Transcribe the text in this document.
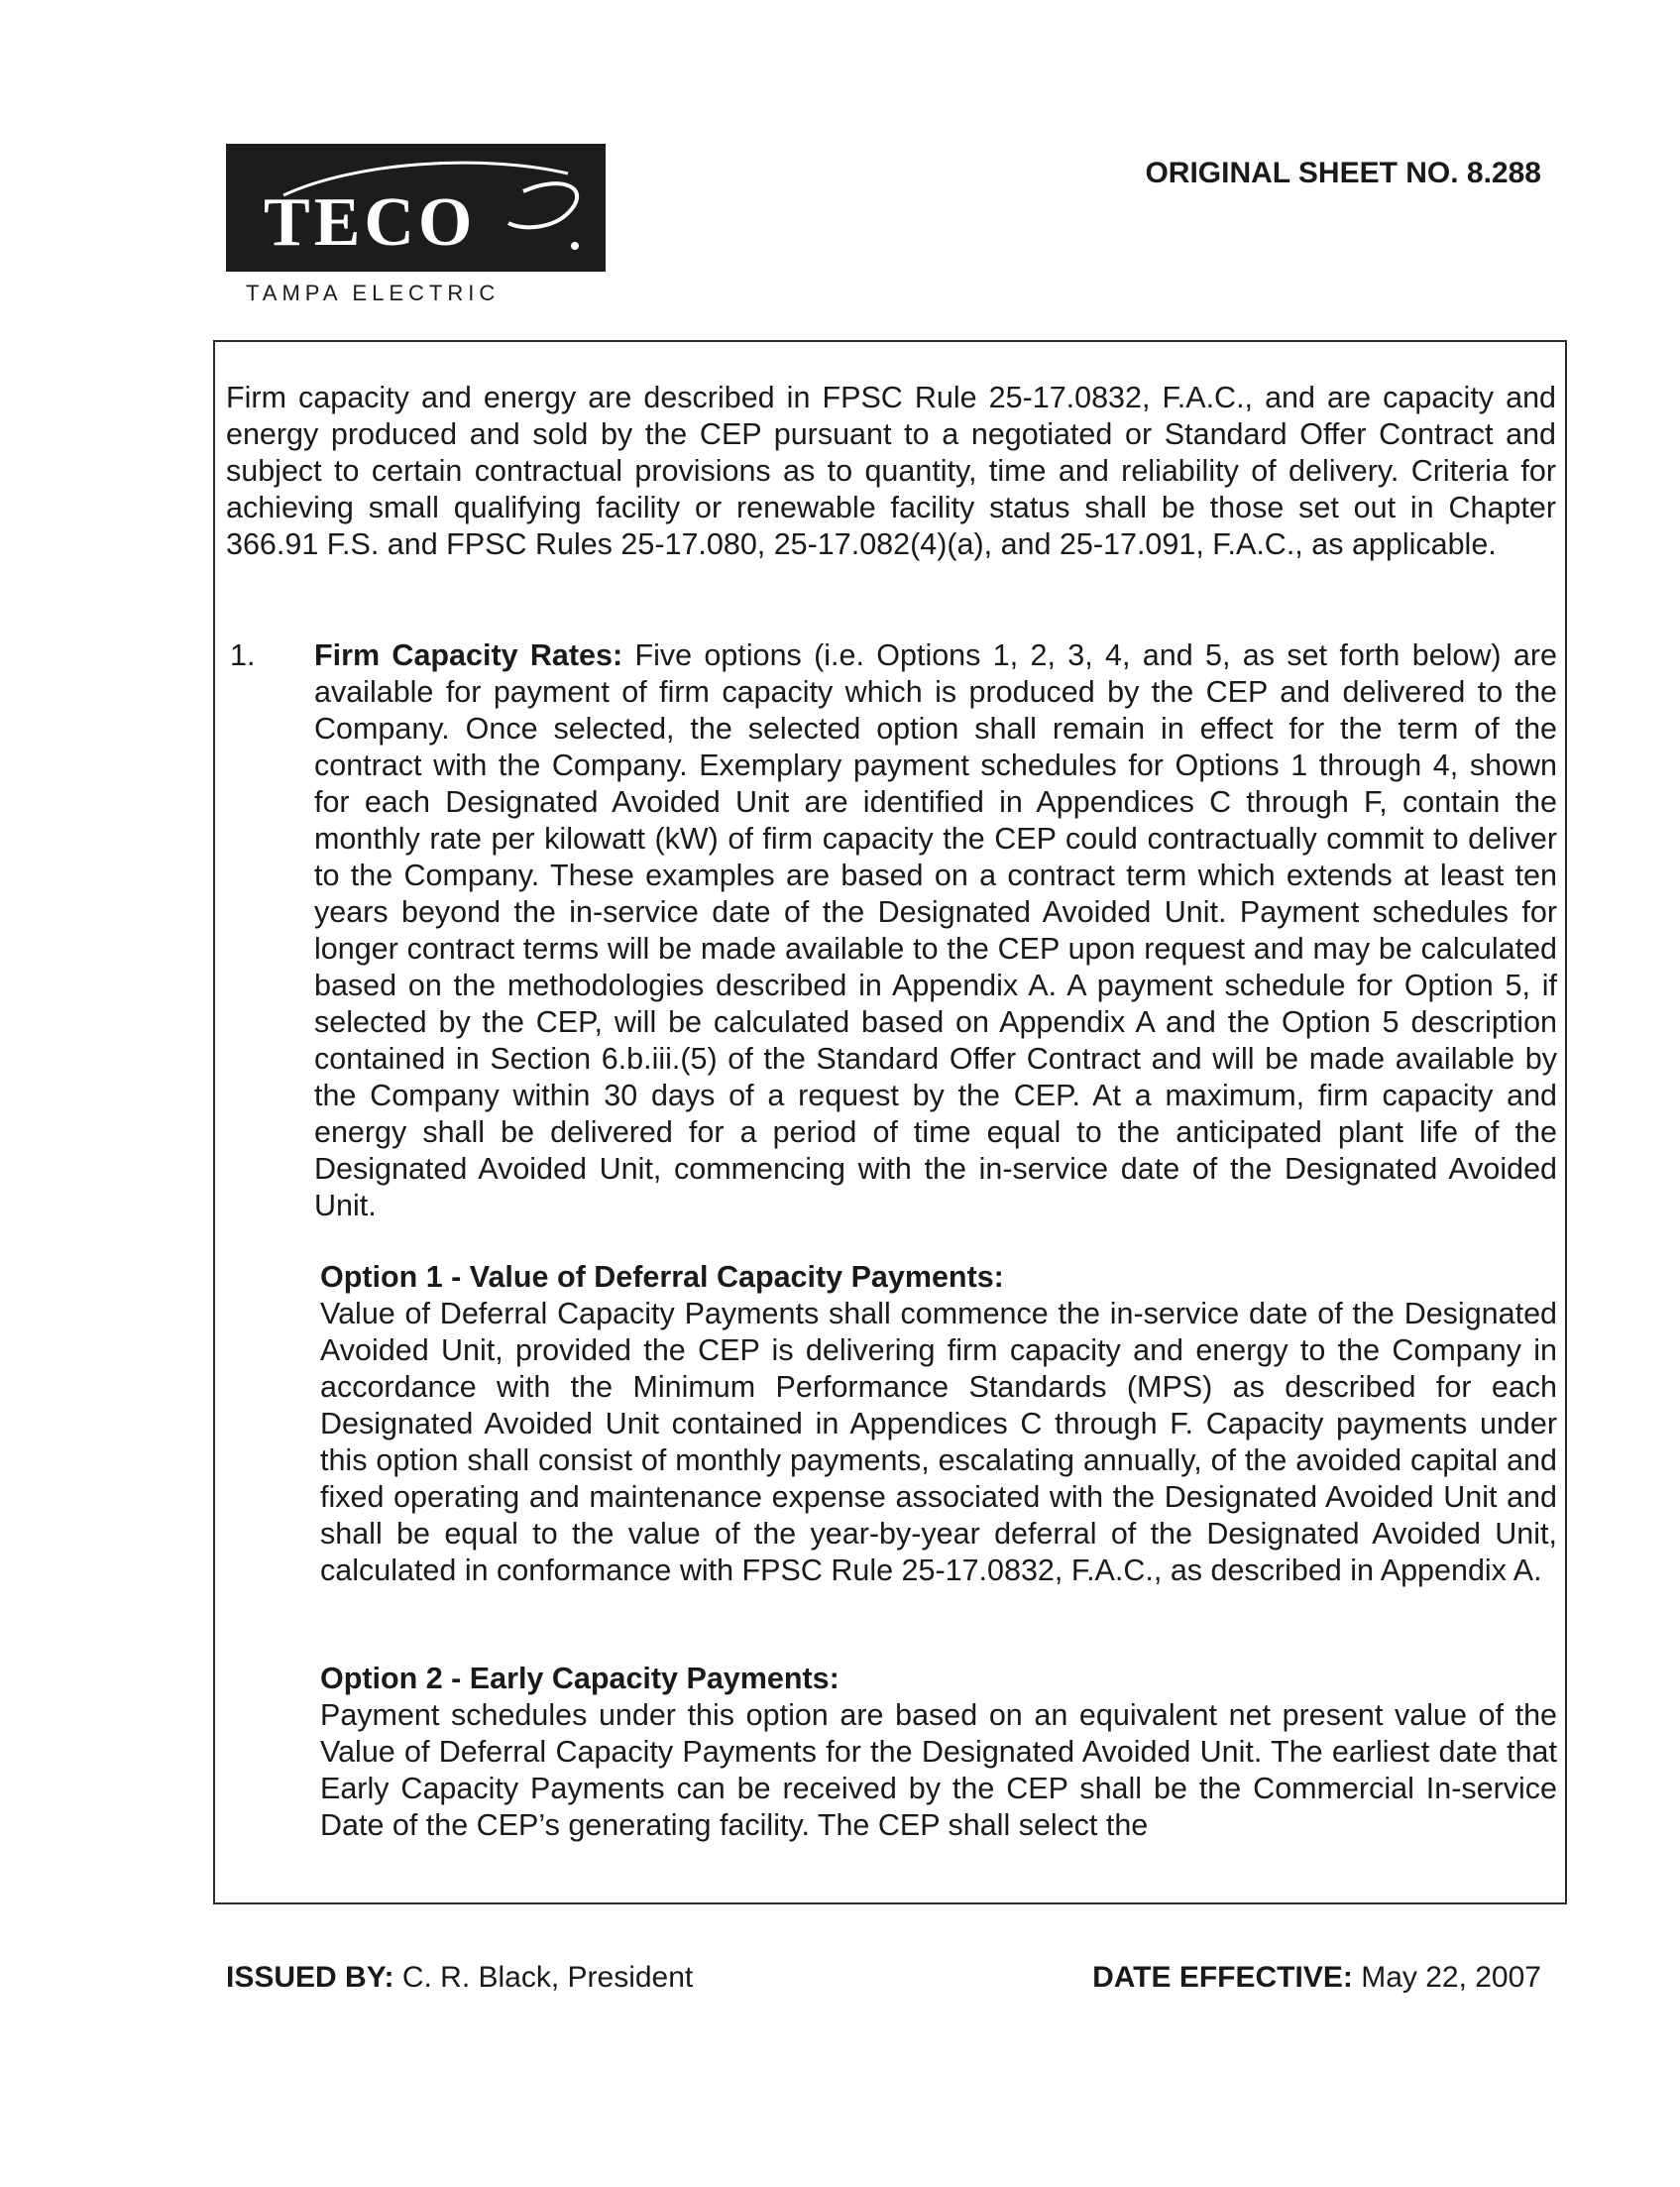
TECO
TAMPA ELECTRIC
ORIGINAL SHEET NO. 8.288

Firm capacity and energy are described in FPSC Rule 25-17.0832, F.A.C., and are capacity and energy produced and sold by the CEP pursuant to a negotiated or Standard Offer Contract and subject to certain contractual provisions as to quantity, time and reliability of delivery. Criteria for achieving small qualifying facility or renewable facility status shall be those set out in Chapter 366.91 F.S. and FPSC Rules 25-17.080, 25-17.082(4)(a), and 25-17.091, F.A.C., as applicable.

1. Firm Capacity Rates: Five options (i.e. Options 1, 2, 3, 4, and 5, as set forth below) are available for payment of firm capacity which is produced by the CEP and delivered to the Company. Once selected, the selected option shall remain in effect for the term of the contract with the Company. Exemplary payment schedules for Options 1 through 4, shown for each Designated Avoided Unit are identified in Appendices C through F, contain the monthly rate per kilowatt (kW) of firm capacity the CEP could contractually commit to deliver to the Company. These examples are based on a contract term which extends at least ten years beyond the in-service date of the Designated Avoided Unit. Payment schedules for longer contract terms will be made available to the CEP upon request and may be calculated based on the methodologies described in Appendix A. A payment schedule for Option 5, if selected by the CEP, will be calculated based on Appendix A and the Option 5 description contained in Section 6.b.iii.(5) of the Standard Offer Contract and will be made available by the Company within 30 days of a request by the CEP. At a maximum, firm capacity and energy shall be delivered for a period of time equal to the anticipated plant life of the Designated Avoided Unit, commencing with the in-service date of the Designated Avoided Unit.

Option 1 - Value of Deferral Capacity Payments:

Value of Deferral Capacity Payments shall commence the in-service date of the Designated Avoided Unit, provided the CEP is delivering firm capacity and energy to the Company in accordance with the Minimum Performance Standards (MPS) as described for each Designated Avoided Unit contained in Appendices C through F. Capacity payments under this option shall consist of monthly payments, escalating annually, of the avoided capital and fixed operating and maintenance expense associated with the Designated Avoided Unit and shall be equal to the value of the year-by-year deferral of the Designated Avoided Unit, calculated in conformance with FPSC Rule 25-17.0832, F.A.C., as described in Appendix A.

Option 2 - Early Capacity Payments:

Payment schedules under this option are based on an equivalent net present value of the Value of Deferral Capacity Payments for the Designated Avoided Unit. The earliest date that Early Capacity Payments can be received by the CEP shall be the Commercial In-service Date of the CEP’s generating facility. The CEP shall select the

ISSUED BY: C. R. Black, President	DATE EFFECTIVE: May 22, 2007
